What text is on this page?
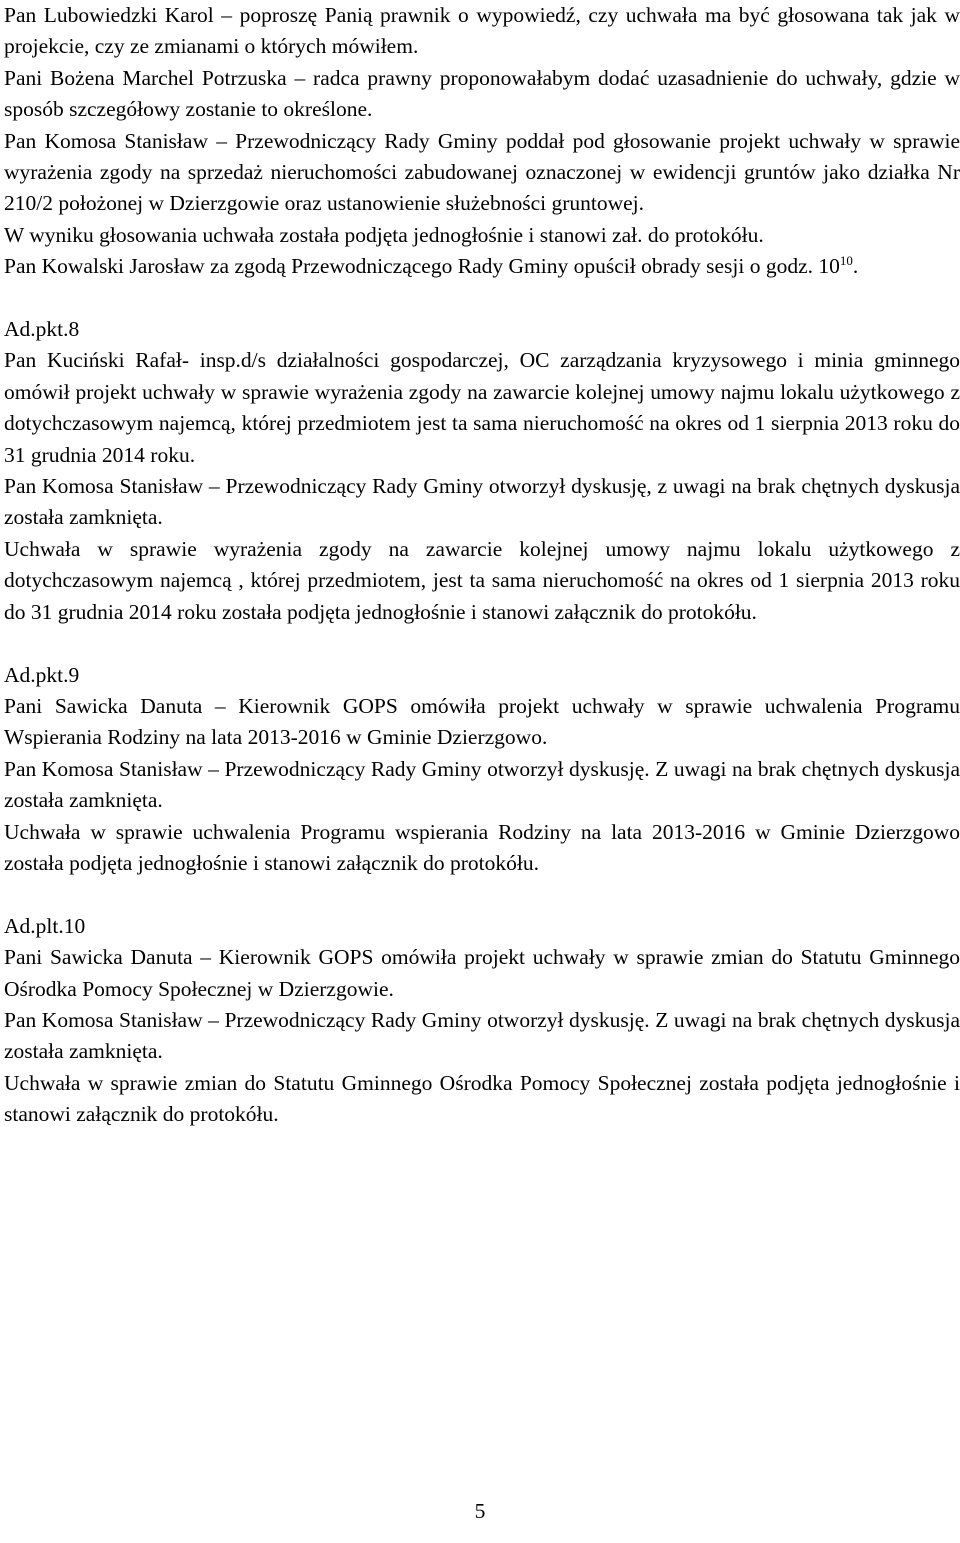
Pan Lubowiedzki Karol – poproszę Panią prawnik o wypowiedź, czy uchwała ma być głosowana tak jak w projekcie, czy ze zmianami o których mówiłem.

Pani Bożena Marchel Potrzuska – radca prawny proponowałabym dodać uzasadnienie do uchwały, gdzie w sposób szczegółowy zostanie to określone.

Pan Komosa Stanisław – Przewodniczący Rady Gminy poddał pod głosowanie projekt uchwały w sprawie wyrażenia zgody na sprzedaż nieruchomości zabudowanej oznaczonej w ewidencji gruntów jako działka Nr 210/2 położonej w Dzierzgowie oraz ustanowienie służebności gruntowej.

W wyniku głosowania uchwała została podjęta jednogłośnie i stanowi zał. do protokółu.

Pan Kowalski Jarosław za zgodą Przewodniczącego Rady Gminy opuścił obrady sesji o godz. $10^{10}$.

Ad.pkt.8

Pan Kuciński Rafał- insp.d/s działalności gospodarczej, OC zarządzania kryzysowego i minia gminnego omówił projekt uchwały w sprawie wyrażenia zgody na zawarcie kolejnej umowy najmu lokalu użytkowego z dotychczasowym najemcą, której przedmiotem jest ta sama nieruchomość na okres od 1 sierpnia 2013 roku do 31 grudnia 2014 roku.

Pan Komosa Stanisław – Przewodniczący Rady Gminy otworzył dyskusję, z uwagi na brak chętnych dyskusja została zamknięta.

Uchwała w sprawie wyrażenia zgody na zawarcie kolejnej umowy najmu lokalu użytkowego z dotychczasowym najemcą , której przedmiotem, jest ta sama nieruchomość na okres od 1 sierpnia 2013 roku do 31 grudnia 2014 roku została podjęta jednogłośnie i stanowi załącznik do protokółu.

Ad.pkt.9

Pani Sawicka Danuta – Kierownik GOPS omówiła projekt uchwały w sprawie uchwalenia Programu Wspierania Rodziny na lata 2013-2016 w Gminie Dzierzgowo.

Pan Komosa Stanisław – Przewodniczący Rady Gminy otworzył dyskusję. Z uwagi na brak chętnych dyskusja została zamknięta.

Uchwała w sprawie uchwalenia Programu wspierania Rodziny na lata 2013-2016 w Gminie Dzierzgowo została podjęta jednogłośnie i stanowi załącznik do protokółu.

Ad.plt.10

Pani Sawicka Danuta – Kierownik GOPS omówiła projekt uchwały w sprawie zmian do Statutu Gminnego Ośrodka Pomocy Społecznej w Dzierzgowie.

Pan Komosa Stanisław – Przewodniczący Rady Gminy otworzył dyskusję. Z uwagi na brak chętnych dyskusja została zamknięta.

Uchwała w sprawie zmian do Statutu Gminnego Ośrodka Pomocy Społecznej została podjęta jednogłośnie i stanowi załącznik do protokółu.

5
